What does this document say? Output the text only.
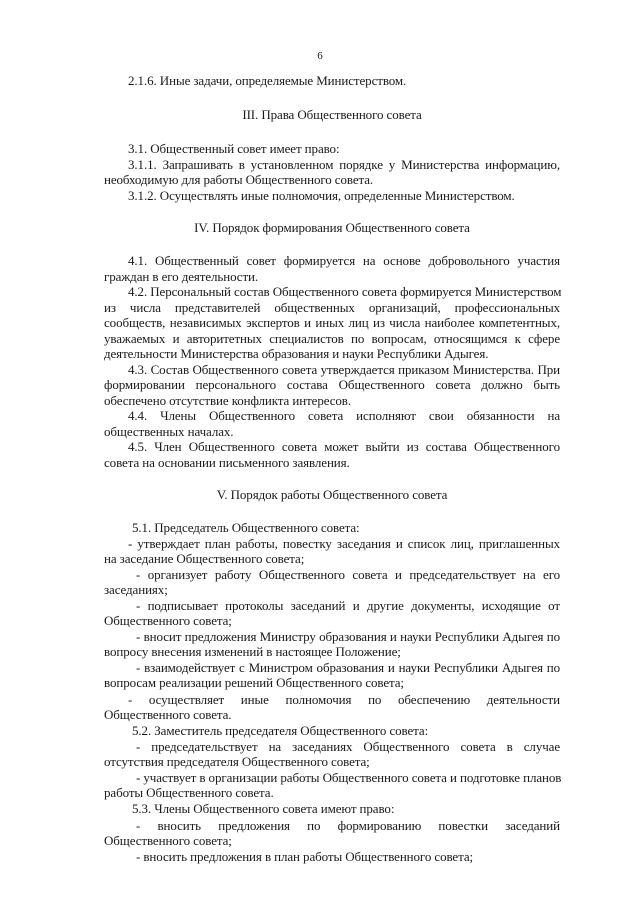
6
2.1.6. Иные задачи, определяемые Министерством.
III. Права Общественного совета
3.1. Общественный совет имеет право:
3.1.1. Запрашивать в установленном порядке у Министерства информацию,
необходимую для работы Общественного совета.
3.1.2. Осуществлять иные полномочия, определенные Министерством.
IV. Порядок формирования Общественного совета
4.1. Общественный совет формируется на основе добровольного участия
граждан в его деятельности.
4.2. Персональный состав Общественного совета формируется Министерством
из числа представителей общественных организаций, профессиональных
сообществ, независимых экспертов и иных лиц из числа наиболее компетентных,
уважаемых и авторитетных специалистов по вопросам, относящимся к сфере
деятельности Министерства образования и науки Республики Адыгея.
4.3. Состав Общественного совета утверждается приказом Министерства. При
формировании персонального состава Общественного совета должно быть
обеспечено отсутствие конфликта интересов.
4.4. Члены Общественного совета исполняют свои обязанности на
общественных началах.
4.5. Член Общественного совета может выйти из состава Общественного
совета на основании письменного заявления.
V. Порядок работы Общественного совета
5.1. Председатель Общественного совета:
- утверждает план работы, повестку заседания и список лиц, приглашенных
на заседание Общественного совета;
- организует работу Общественного совета и председательствует на его
заседаниях;
- подписывает протоколы заседаний и другие документы, исходящие от
Общественного совета;
- вносит предложения Министру образования и науки Республики Адыгея по
вопросу внесения изменений в настоящее Положение;
- взаимодействует с Министром образования и науки Республики Адыгея по
вопросам реализации решений Общественного совета;
- осуществляет иные полномочия по обеспечению деятельности
Общественного совета.
5.2. Заместитель председателя Общественного совета:
- председательствует на заседаниях Общественного совета в случае
отсутствия председателя Общественного совета;
- участвует в организации работы Общественного совета и подготовке планов
работы Общественного совета.
5.3. Члены Общественного совета имеют право:
- вносить предложения по формированию повестки заседаний
Общественного совета;
- вносить предложения в план работы Общественного совета;
